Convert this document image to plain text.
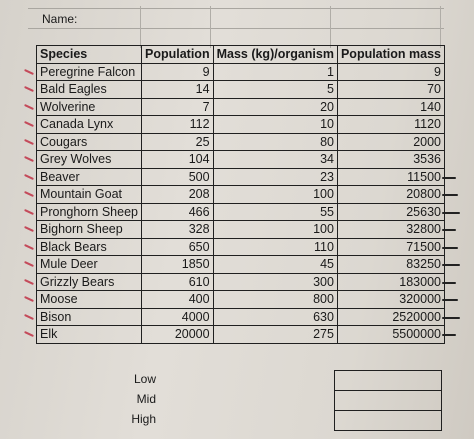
Name:
Species	Population	Mass (kg)/organism	Population mass
Peregrine Falcon	9	1	9
Bald Eagles	14	5	70
Wolverine	7	20	140
Canada Lynx	112	10	1120
Cougars	25	80	2000
Grey Wolves	104	34	3536
Beaver	500	23	11500
Mountain Goat	208	100	20800
Pronghorn Sheep	466	55	25630
Bighorn Sheep	328	100	32800
Black Bears	650	110	71500
Mule Deer	1850	45	83250
Grizzly Bears	610	300	183000
Moose	400	800	320000
Bison	4000	630	2520000
Elk	20000	275	5500000
Low
Mid
High
